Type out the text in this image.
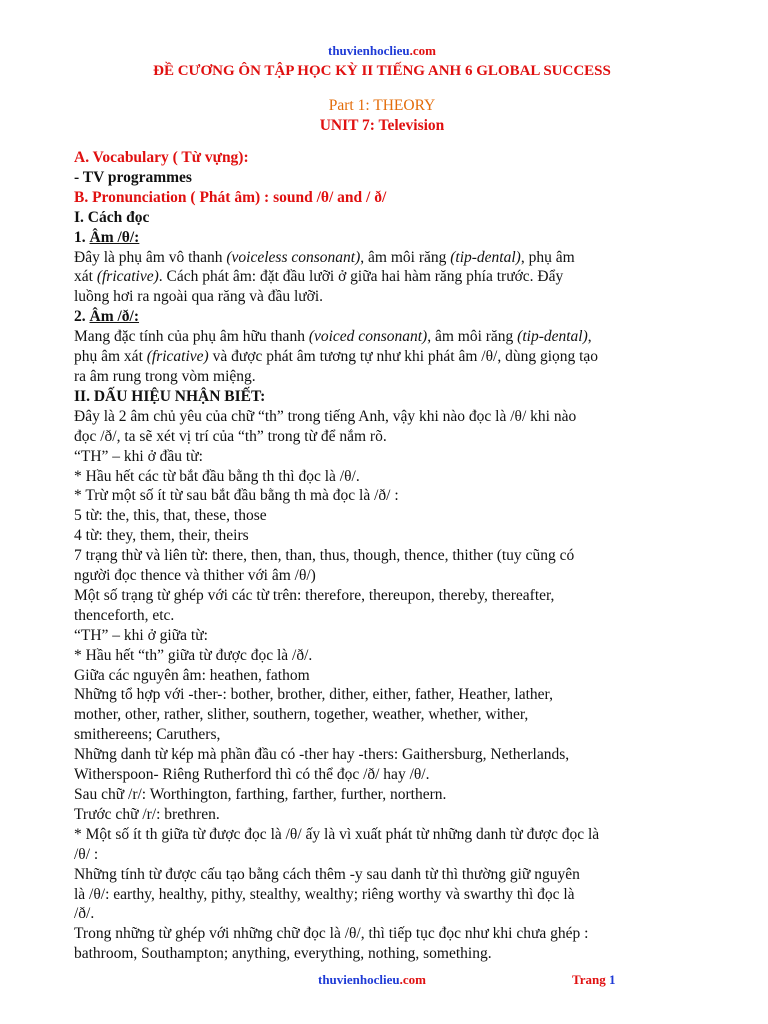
thuvienhoclieu.com
ĐỀ CƯƠNG ÔN TẬP HỌC KỲ II TIẾNG ANH 6 GLOBAL SUCCESS
Part 1: THEORY
UNIT 7: Television
A. Vocabulary ( Từ vựng):
- TV programmes
B. Pronunciation ( Phát âm) : sound /θ/ and / ð/
I. Cách đọc
1. Âm /θ/:
Đây là phụ âm vô thanh (voiceless consonant), âm môi răng (tip-dental), phụ âm
xát (fricative). Cách phát âm: đặt đầu lưỡi ở giữa hai hàm răng phía trước. Đẩy
luồng hơi ra ngoài qua răng và đầu lưỡi.
2. Âm /ð/:
Mang đặc tính của phụ âm hữu thanh (voiced consonant), âm môi răng (tip-dental),
phụ âm xát (fricative) và được phát âm tương tự như khi phát âm /θ/, dùng giọng tạo
ra âm rung trong vòm miệng.
II. DẤU HIỆU NHẬN BIẾT:
Đây là 2 âm chủ yêu của chữ “th” trong tiếng Anh, vậy khi nào đọc là /θ/ khi nào
đọc /ð/, ta sẽ xét vị trí của “th” trong từ để nắm rõ.
“TH” – khi ở đầu từ:
* Hầu hết các từ bắt đầu bằng th thì đọc là /θ/.
* Trừ một số ít từ sau bắt đầu bằng th mà đọc là /ð/ :
5 từ: the, this, that, these, those
4 từ: they, them, their, theirs
7 trạng thừ và liên từ: there, then, than, thus, though, thence, thither (tuy cũng có
người đọc thence và thither với âm /θ/)
Một số trạng từ ghép với các từ trên: therefore, thereupon, thereby, thereafter,
thenceforth, etc.
“TH” – khi ở giữa từ:
* Hầu hết “th” giữa từ được đọc là /ð/.
Giữa các nguyên âm: heathen, fathom
Những tổ hợp với -ther-: bother, brother, dither, either, father, Heather, lather,
mother, other, rather, slither, southern, together, weather, whether, wither,
smithereens; Caruthers,
Những danh từ kép mà phần đầu có -ther hay -thers: Gaithersburg, Netherlands,
Witherspoon- Riêng Rutherford thì có thể đọc /ð/ hay /θ/.
Sau chữ /r/: Worthington, farthing, farther, further, northern.
Trước chữ /r/: brethren.
* Một số ít th giữa từ được đọc là /θ/ ấy là vì xuất phát từ những danh từ được đọc là
/θ/ :
Những tính từ được cấu tạo bằng cách thêm -y sau danh từ thì thường giữ nguyên
là /θ/: earthy, healthy, pithy, stealthy, wealthy; riêng worthy và swarthy thì đọc là
/ð/.
Trong những từ ghép với những chữ đọc là /θ/, thì tiếp tục đọc như khi chưa ghép :
bathroom, Southampton; anything, everything, nothing, something.
thuvienhoclieu.com	Trang 1
